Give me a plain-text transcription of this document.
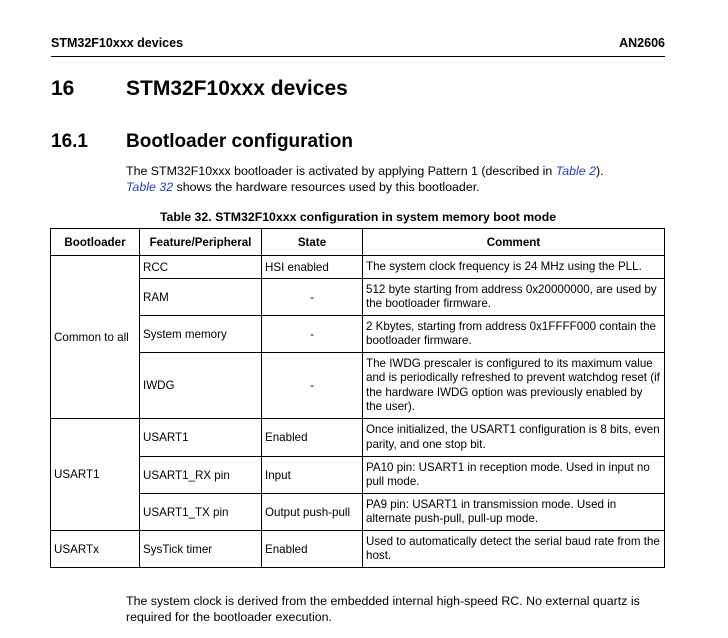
STM32F10xxx devices	AN2606
16 STM32F10xxx devices
16.1 Bootloader configuration
The STM32F10xxx bootloader is activated by applying Pattern 1 (described in Table 2).
Table 32 shows the hardware resources used by this bootloader.
Table 32. STM32F10xxx configuration in system memory boot mode
Bootloader	Feature/Peripheral	State	Comment
Common to all	RCC	HSI enabled	The system clock frequency is 24 MHz using the PLL.
	RAM	-	512 byte starting from address 0x20000000, are used by the bootloader firmware.
	System memory	-	2 Kbytes, starting from address 0x1FFFF000 contain the bootloader firmware.
	IWDG	-	The IWDG prescaler is configured to its maximum value and is periodically refreshed to prevent watchdog reset (if the hardware IWDG option was previously enabled by the user).
USART1	USART1	Enabled	Once initialized, the USART1 configuration is 8 bits, even parity, and one stop bit.
	USART1_RX pin	Input	PA10 pin: USART1 in reception mode. Used in input no pull mode.
	USART1_TX pin	Output push-pull	PA9 pin: USART1 in transmission mode. Used in alternate push-pull, pull-up mode.
USARTx	SysTick timer	Enabled	Used to automatically detect the serial baud rate from the host.
The system clock is derived from the embedded internal high-speed RC. No external quartz is required for the bootloader execution.
